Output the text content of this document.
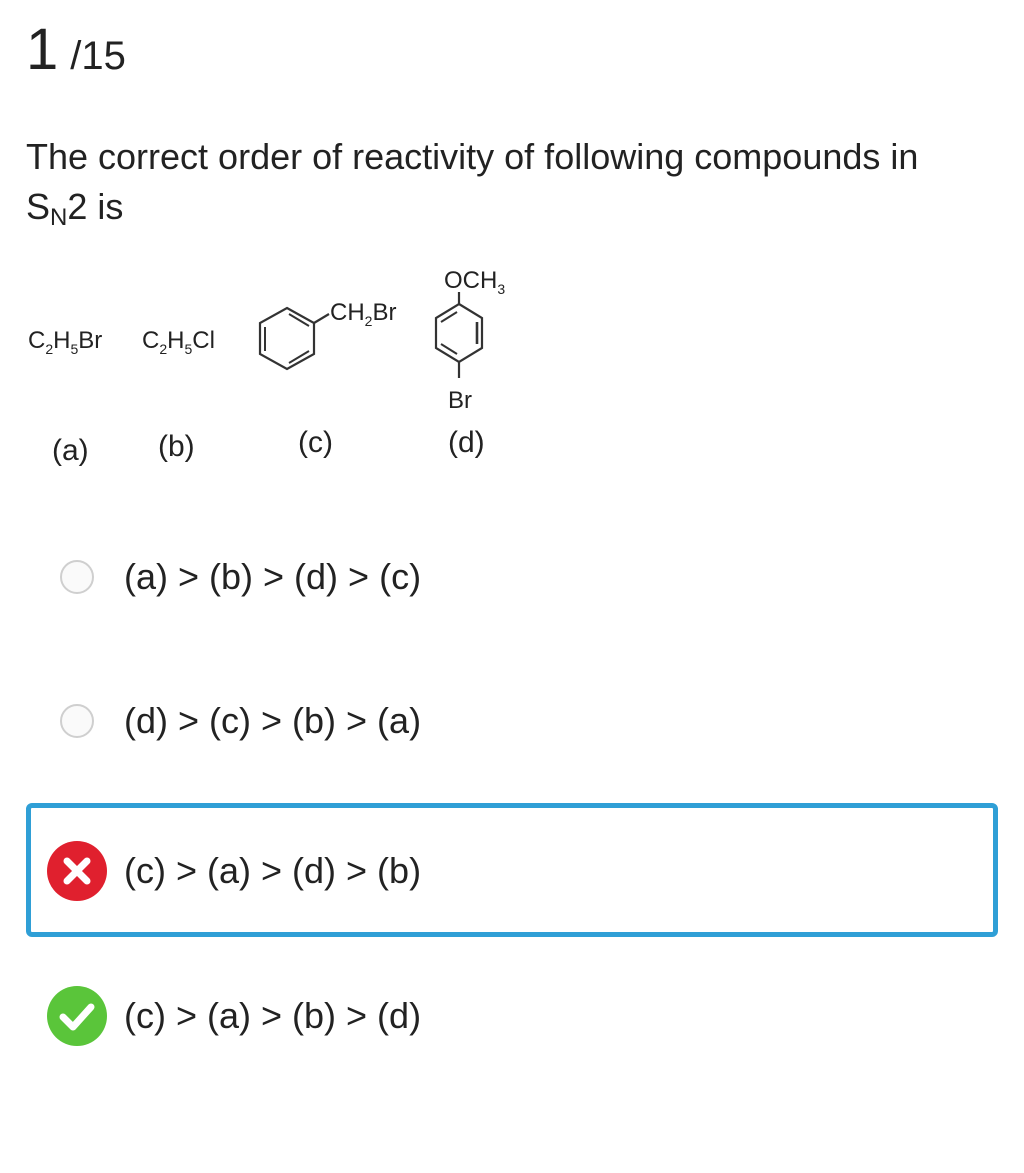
1 /15
The correct order of reactivity of following compounds in
$S_N2$ is
$C_2H_5Br$
(a)
$C_2H_5Cl$
(b)
$CH_2Br$
(c)
$OCH_3$
Br
(d)
(a) > (b) > (d) > (c)
(d) > (c) > (b) > (a)
(c) > (a) > (d) > (b)
(c) > (a) > (b) > (d)
